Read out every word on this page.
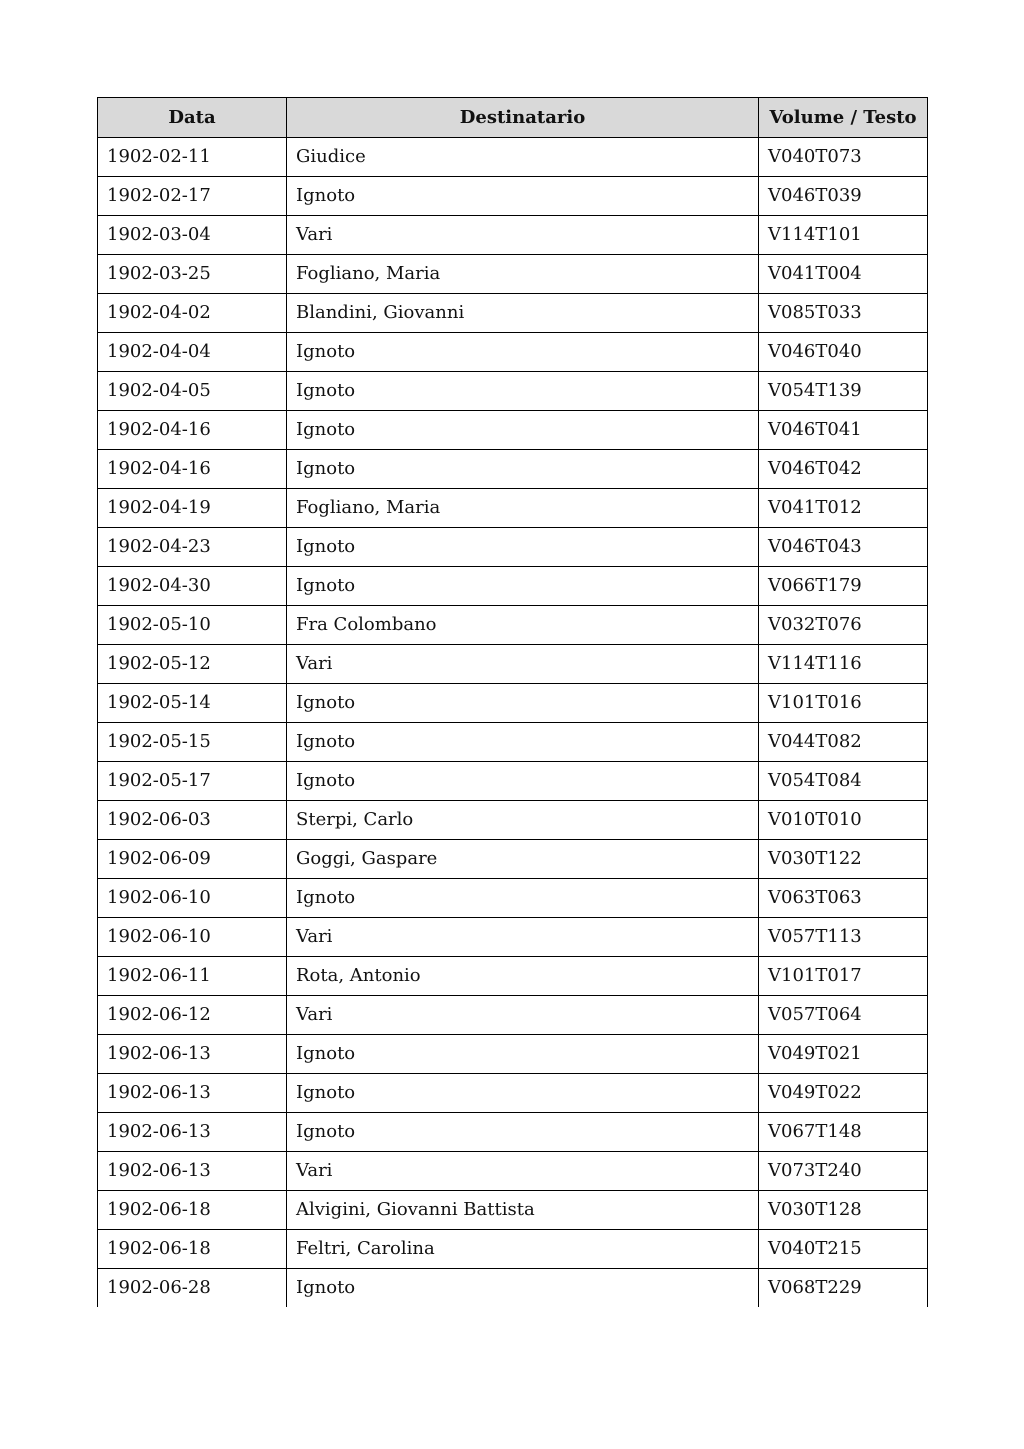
Data	Destinatario	Volume / Testo
1902-02-11	Giudice	V040T073
1902-02-17	Ignoto	V046T039
1902-03-04	Vari	V114T101
1902-03-25	Fogliano, Maria	V041T004
1902-04-02	Blandini, Giovanni	V085T033
1902-04-04	Ignoto	V046T040
1902-04-05	Ignoto	V054T139
1902-04-16	Ignoto	V046T041
1902-04-16	Ignoto	V046T042
1902-04-19	Fogliano, Maria	V041T012
1902-04-23	Ignoto	V046T043
1902-04-30	Ignoto	V066T179
1902-05-10	Fra Colombano	V032T076
1902-05-12	Vari	V114T116
1902-05-14	Ignoto	V101T016
1902-05-15	Ignoto	V044T082
1902-05-17	Ignoto	V054T084
1902-06-03	Sterpi, Carlo	V010T010
1902-06-09	Goggi, Gaspare	V030T122
1902-06-10	Ignoto	V063T063
1902-06-10	Vari	V057T113
1902-06-11	Rota, Antonio	V101T017
1902-06-12	Vari	V057T064
1902-06-13	Ignoto	V049T021
1902-06-13	Ignoto	V049T022
1902-06-13	Ignoto	V067T148
1902-06-13	Vari	V073T240
1902-06-18	Alvigini, Giovanni Battista	V030T128
1902-06-18	Feltri, Carolina	V040T215
1902-06-28	Ignoto	V068T229
